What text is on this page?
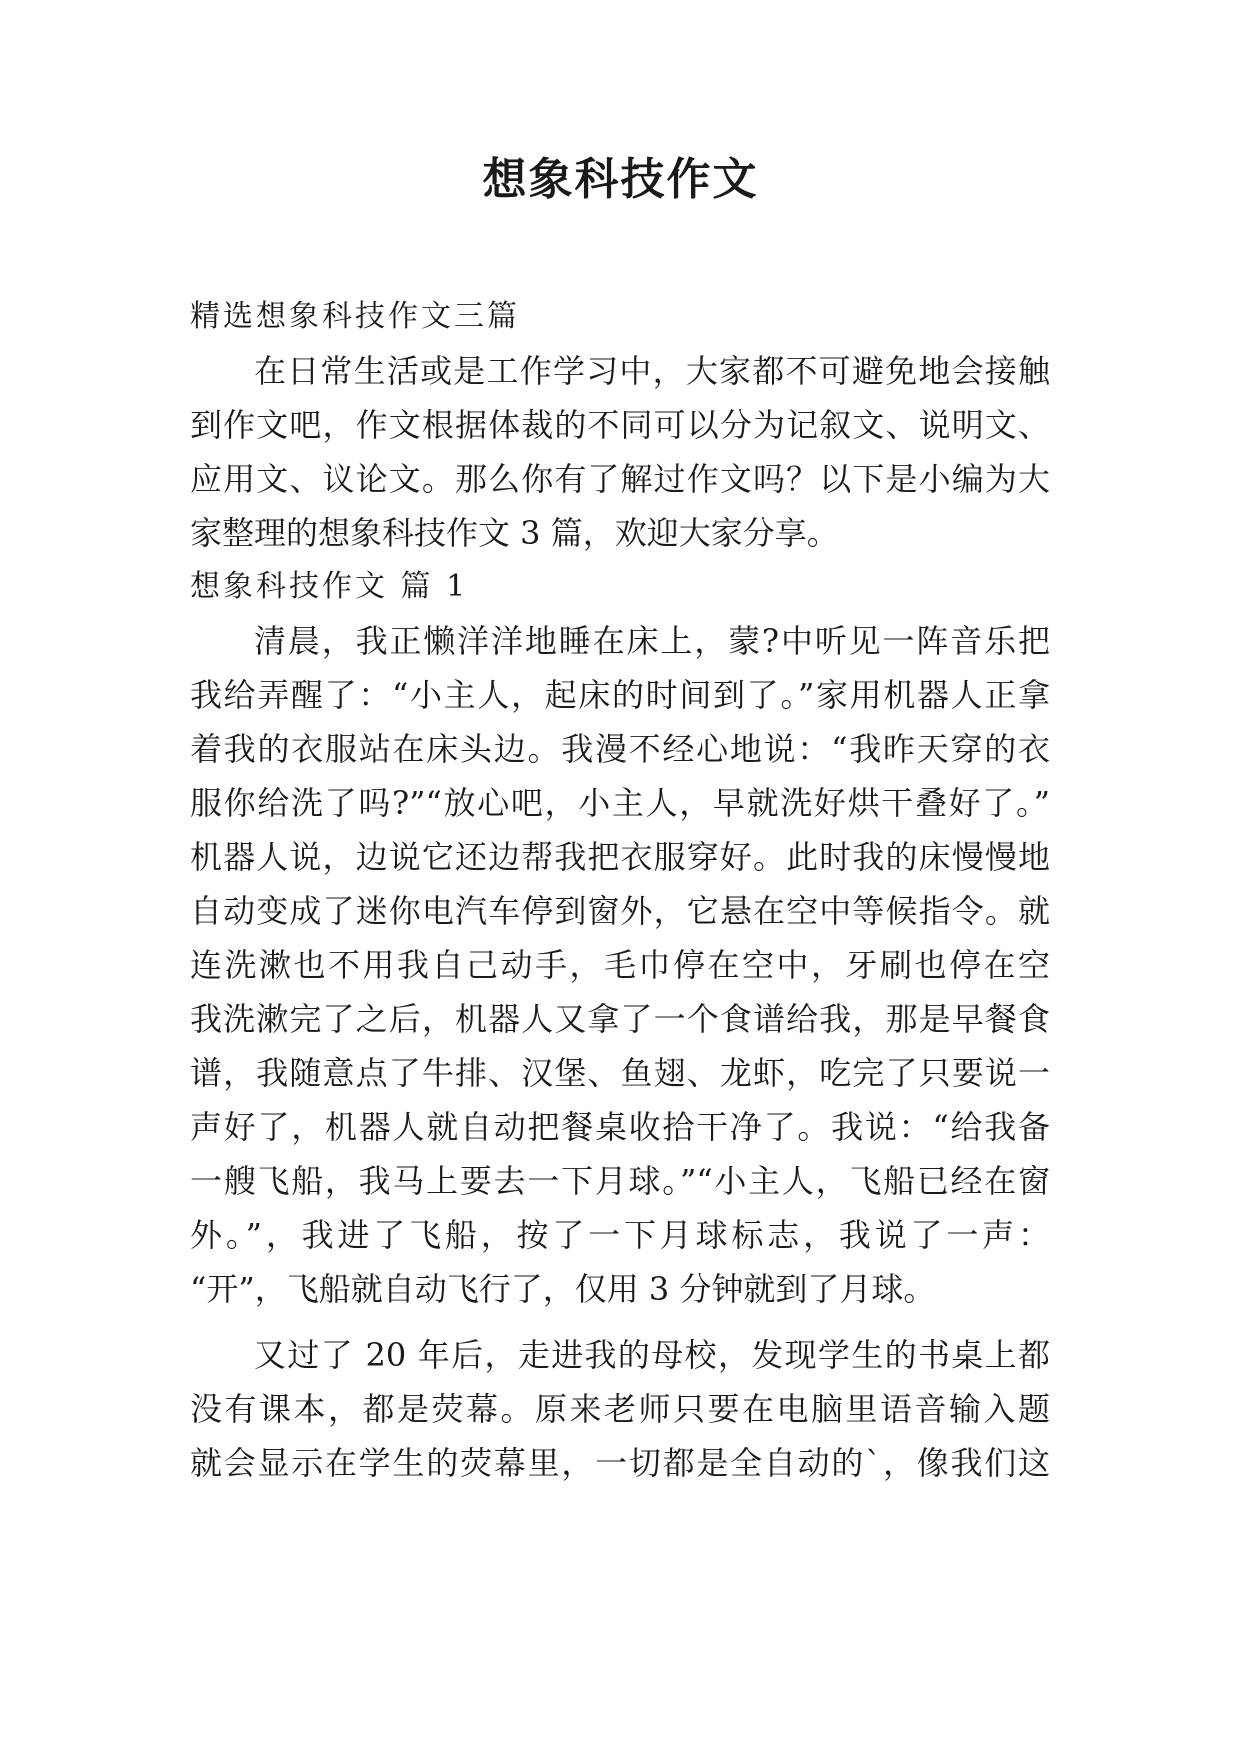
想象科技作文

精选想象科技作文三篇

在日常生活或是工作学习中，大家都不可避免地会接触

到作文吧，作文根据体裁的不同可以分为记叙文、说明文、

应用文、议论文。那么你有了解过作文吗？以下是小编为大

家整理的想象科技作文 3 篇，欢迎大家分享。

想象科技作文 篇 1

清晨，我正懒洋洋地睡在床上，蒙?中听见一阵音乐把

我给弄醒了：“小主人，起床的时间到了。”家用机器人正拿

着我的衣服站在床头边。我漫不经心地说：“我昨天穿的衣

服你给洗了吗?”“放心吧，小主人，早就洗好烘干叠好了。”

机器人说，边说它还边帮我把衣服穿好。此时我的床慢慢地

自动变成了迷你电汽车停到窗外，它悬在空中等候指令。就

连洗漱也不用我自己动手，毛巾停在空中，牙刷也停在空

我洗漱完了之后，机器人又拿了一个食谱给我，那是早餐食

谱，我随意点了牛排、汉堡、鱼翅、龙虾，吃完了只要说一

声好了，机器人就自动把餐桌收拾干净了。我说：“给我备

一艘飞船，我马上要去一下月球。”“小主人，飞船已经在窗

外。”，我进了飞船，按了一下月球标志，我说了一声：

“开”，飞船就自动飞行了，仅用 3 分钟就到了月球。

又过了 20 年后，走进我的母校，发现学生的书桌上都

没有课本，都是荧幕。原来老师只要在电脑里语音输入题

就会显示在学生的荧幕里，一切都是全自动的`，像我们这
